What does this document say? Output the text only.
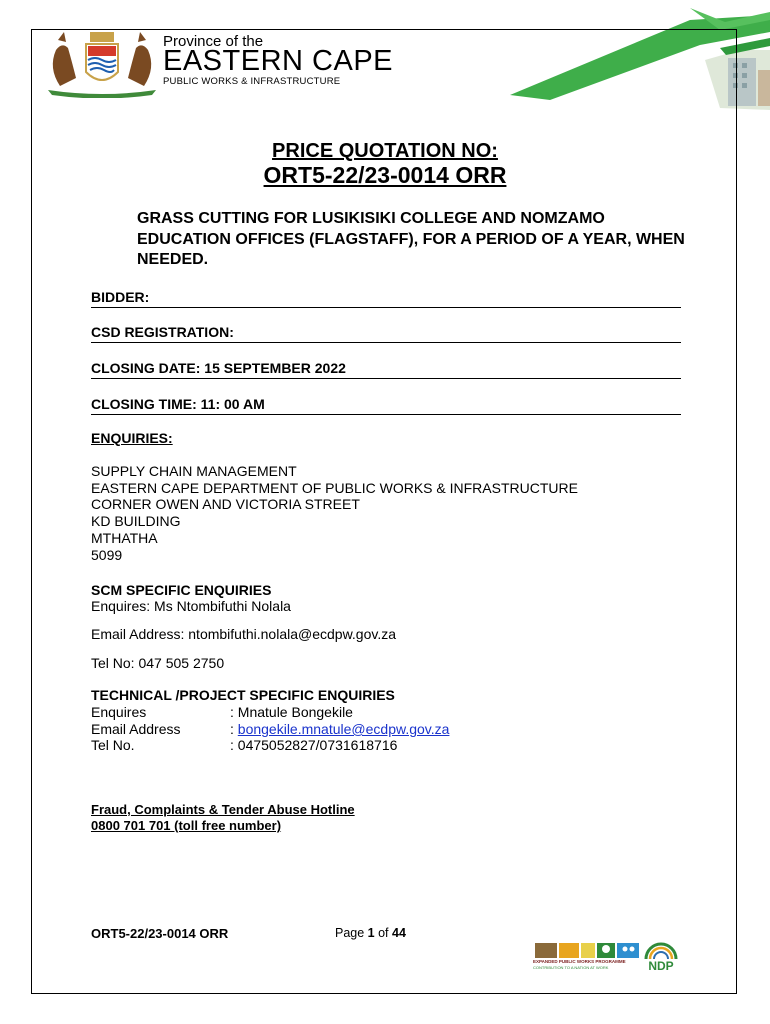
Province of the
EASTERN CAPE
PUBLIC WORKS & INFRASTRUCTURE
PRICE QUOTATION NO:
ORT5-22/23-0014 ORR
GRASS CUTTING FOR LUSIKISIKI COLLEGE AND NOMZAMO EDUCATION OFFICES (FLAGSTAFF), FOR A PERIOD OF A YEAR, WHEN NEEDED.
BIDDER:
CSD REGISTRATION:
CLOSING DATE: 15 SEPTEMBER 2022
CLOSING TIME: 11: 00 AM
ENQUIRIES:
SUPPLY CHAIN MANAGEMENT
EASTERN CAPE DEPARTMENT OF PUBLIC WORKS & INFRASTRUCTURE
CORNER OWEN AND VICTORIA STREET
KD BUILDING
MTHATHA
5099
SCM SPECIFIC ENQUIRIES
Enquires: Ms Ntombifuthi Nolala
Email Address: ntombifuthi.nolala@ecdpw.gov.za
Tel No: 047 505 2750
TECHNICAL /PROJECT SPECIFIC ENQUIRIES
Enquires	: Mnatule Bongekile
Email Address	: bongekile.mnatule@ecdpw.gov.za
Tel No.	: 0475052827/0731618716
Fraud, Complaints & Tender Abuse Hotline
0800 701 701 (toll free number)
ORT5-22/23-0014 ORR	Page 1 of 44
EXPANDED PUBLIC WORKS PROGRAMME
CONTRIBUTION TO A NATION AT WORK	NDP
